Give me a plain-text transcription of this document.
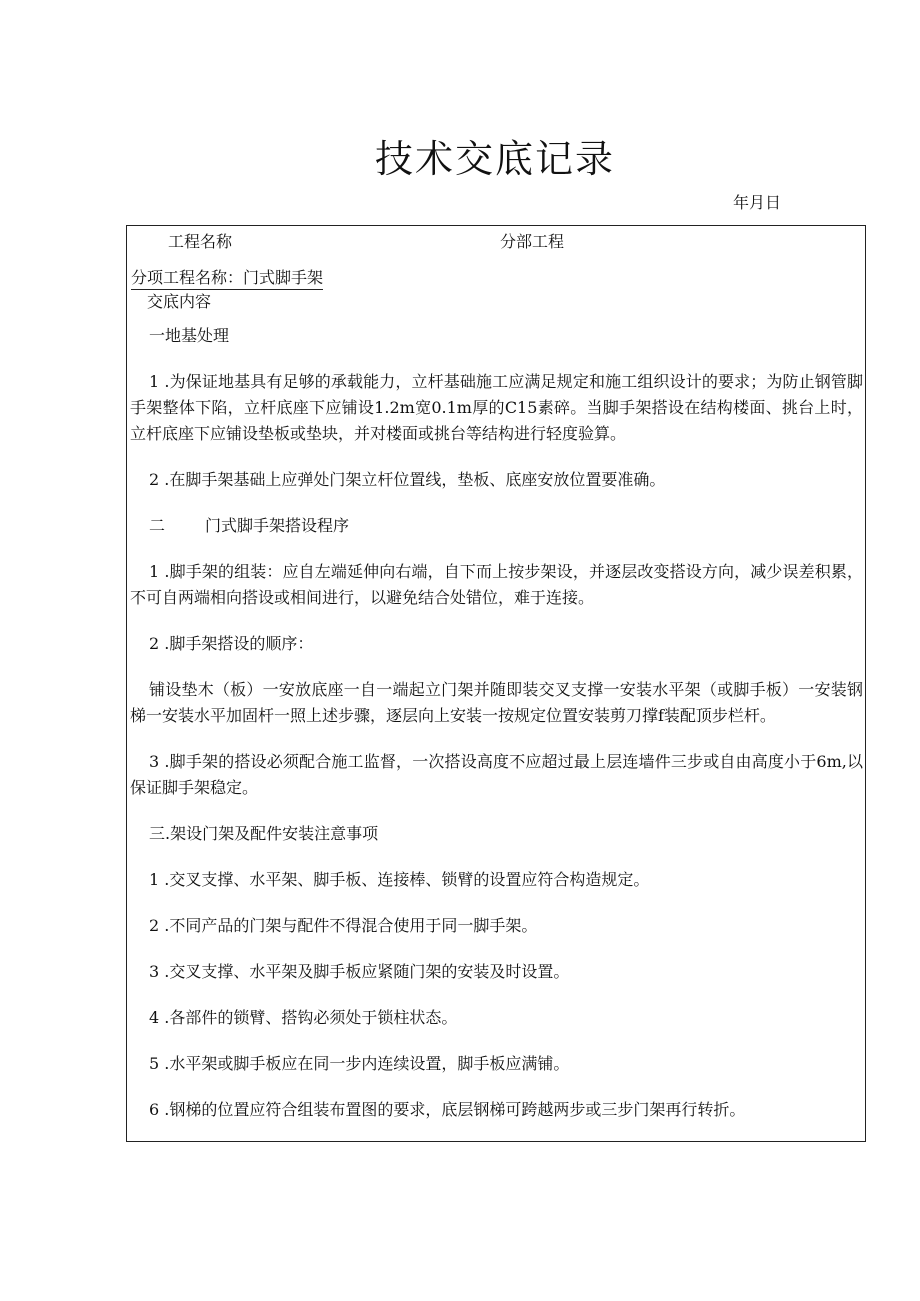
技术交底记录
年月日
工程名称	分部工程
分项工程名称：门式脚手架
交底内容

一地基处理

1 .为保证地基具有足够的承载能力，立杆基础施工应满足规定和施工组织设计的要求；为防止钢管脚手架整体下陷，立杆底座下应铺设1.2m宽0.1m厚的C15素碎。当脚手架搭设在结构楼面、挑台上时，立杆底座下应铺设垫板或垫块，并对楼面或挑台等结构进行轻度验算。

2 .在脚手架基础上应弹处门架立杆位置线，垫板、底座安放位置要准确。

二	门式脚手架搭设程序

1 .脚手架的组装：应自左端延伸向右端，自下而上按步架设，并逐层改变搭设方向，减少误差积累，不可自两端相向搭设或相间进行，以避免结合处错位，难于连接。

2 .脚手架搭设的顺序：

铺设垫木（板）一安放底座一自一端起立门架并随即装交叉支撑一安装水平架（或脚手板）一安装钢梯一安装水平加固杆一照上述步骤，逐层向上安装一按规定位置安装剪刀撑f装配顶步栏杆。

3 .脚手架的搭设必须配合施工监督，一次搭设高度不应超过最上层连墙件三步或自由高度小于6m,以保证脚手架稳定。

三.架设门架及配件安装注意事项

1 .交叉支撑、水平架、脚手板、连接棒、锁臂的设置应符合构造规定。

2 .不同产品的门架与配件不得混合使用于同一脚手架。

3 .交叉支撑、水平架及脚手板应紧随门架的安装及时设置。

4 .各部件的锁臂、搭钩必须处于锁柱状态。

5 .水平架或脚手板应在同一步内连续设置，脚手板应满铺。

6 .钢梯的位置应符合组装布置图的要求，底层钢梯可跨越两步或三步门架再行转折。
